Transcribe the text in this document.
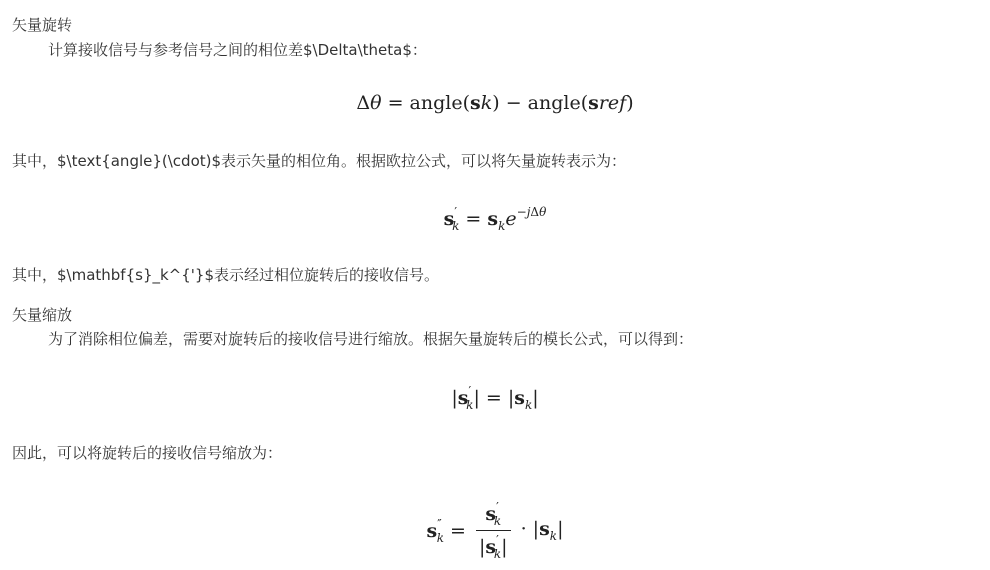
矢量旋转
计算接收信号与参考信号之间的相位差$\Delta\theta$：
Δθ = angle(sk) − angle(sref)
其中，$\text{angle}(\cdot)$表示矢量的相位角。根据欧拉公式，可以将矢量旋转表示为：
$s'_k = s_ke^{-j\Delta\theta}$
其中，$\mathbf{s}_k^{'}$表示经过相位旋转后的接收信号。
矢量缩放
为了消除相位偏差，需要对旋转后的接收信号进行缩放。根据矢量旋转后的模长公式，可以得到：
$|s'_k| = |s_k|$
因此，可以将旋转后的接收信号缩放为：
$s''_k = \frac{s'_k}{|s'_k|} \cdot |s_k|$
